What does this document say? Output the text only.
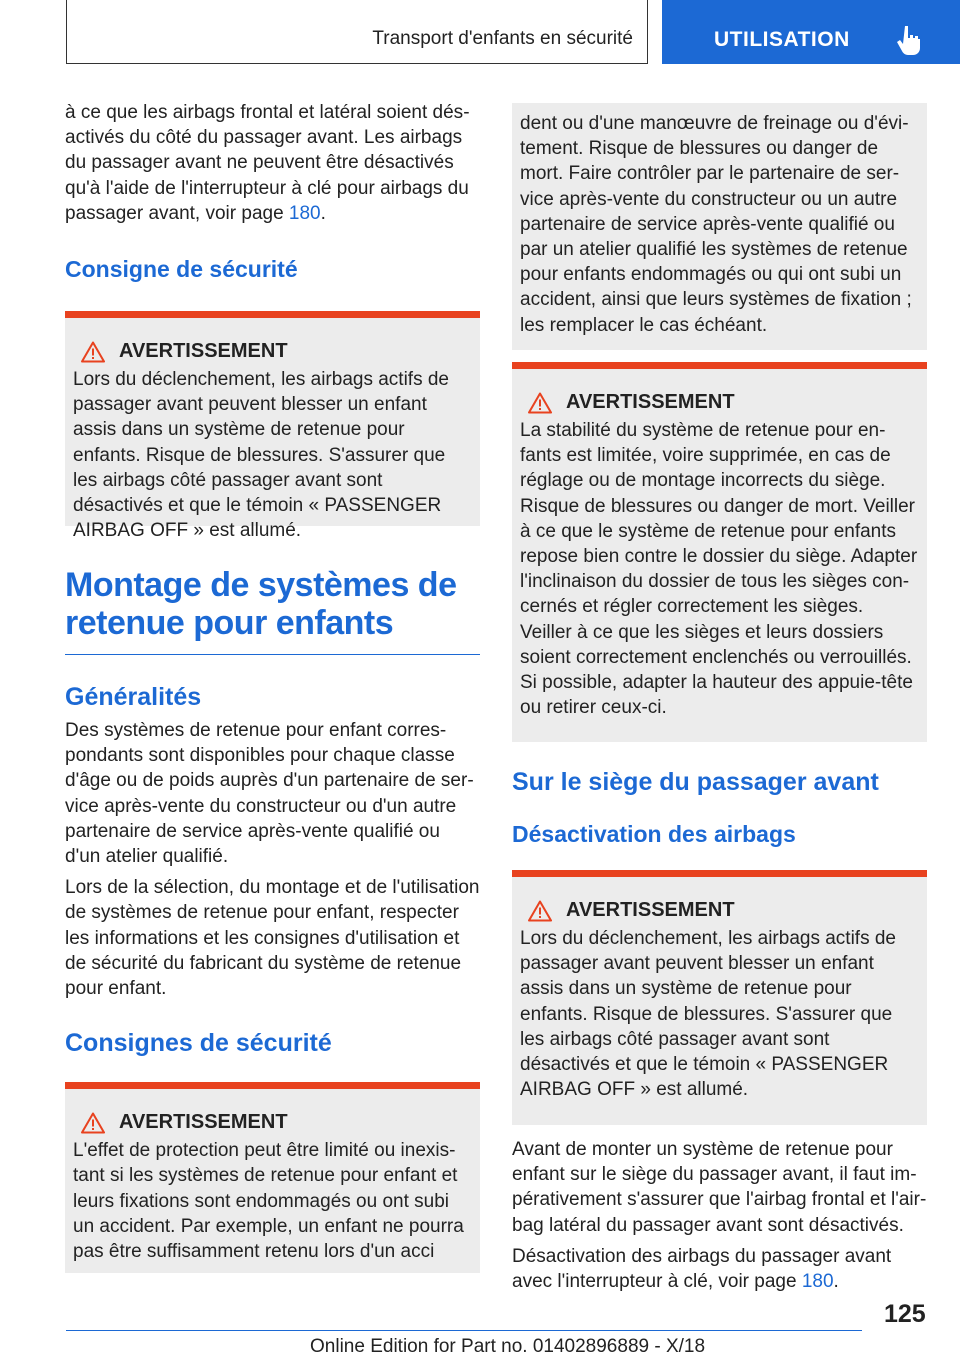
Transport d'enfants en sécurité	UTILISATION

à ce que les airbags frontal et latéral soient désactivés du côté du passager avant. Les airbags du passager avant ne peuvent être désactivés qu'à l'aide de l'interrupteur à clé pour airbags du passager avant, voir page 180.

Consigne de sécurité
AVERTISSEMENT

Lors du déclenchement, les airbags actifs de passager avant peuvent blesser un enfant assis dans un système de retenue pour enfants. Risque de blessures. S'assurer que les airbags côté passager avant sont désactivés et que le témoin « PASSENGER AIRBAG OFF » est allumé.

Montage de systèmes de retenue pour enfants
Généralités

Des systèmes de retenue pour enfant correspondants sont disponibles pour chaque classe d'âge ou de poids auprès d'un partenaire de service après-vente du constructeur ou d'un autre partenaire de service après-vente qualifié ou d'un atelier qualifié.

Lors de la sélection, du montage et de l'utilisation de systèmes de retenue pour enfant, respecter les informations et les consignes d'utilisation et de sécurité du fabricant du système de retenue pour enfant.

Consignes de sécurité
AVERTISSEMENT

L'effet de protection peut être limité ou inexistant si les systèmes de retenue pour enfant et leurs fixations sont endommagés ou ont subi un accident. Par exemple, un enfant ne pourra pas être suffisamment retenu lors d'un acci

dent ou d'une manœuvre de freinage ou d'évitement. Risque de blessures ou danger de mort. Faire contrôler par le partenaire de service après-vente du constructeur ou un autre partenaire de service après-vente qualifié ou par un atelier qualifié les systèmes de retenue pour enfants endommagés ou qui ont subi un accident, ainsi que leurs systèmes de fixation ; les remplacer le cas échéant.

AVERTISSEMENT

La stabilité du système de retenue pour enfants est limitée, voire supprimée, en cas de réglage ou de montage incorrects du siège. Risque de blessures ou danger de mort. Veiller à ce que le système de retenue pour enfants repose bien contre le dossier du siège. Adapter l'inclinaison du dossier de tous les sièges concernés et régler correctement les sièges. Veiller à ce que les sièges et leurs dossiers soient correctement enclenchés ou verrouillés. Si possible, adapter la hauteur des appuie-tête ou retirer ceux-ci.

Sur le siège du passager avant
Désactivation des airbags
AVERTISSEMENT

Lors du déclenchement, les airbags actifs de passager avant peuvent blesser un enfant assis dans un système de retenue pour enfants. Risque de blessures. S'assurer que les airbags côté passager avant sont désactivés et que le témoin « PASSENGER AIRBAG OFF » est allumé.

Avant de monter un système de retenue pour enfant sur le siège du passager avant, il faut impérativement s'assurer que l'airbag frontal et l'airbag latéral du passager avant sont désactivés.

Désactivation des airbags du passager avant avec l'interrupteur à clé, voir page 180.

125
Online Edition for Part no. 01402896889 - X/18
